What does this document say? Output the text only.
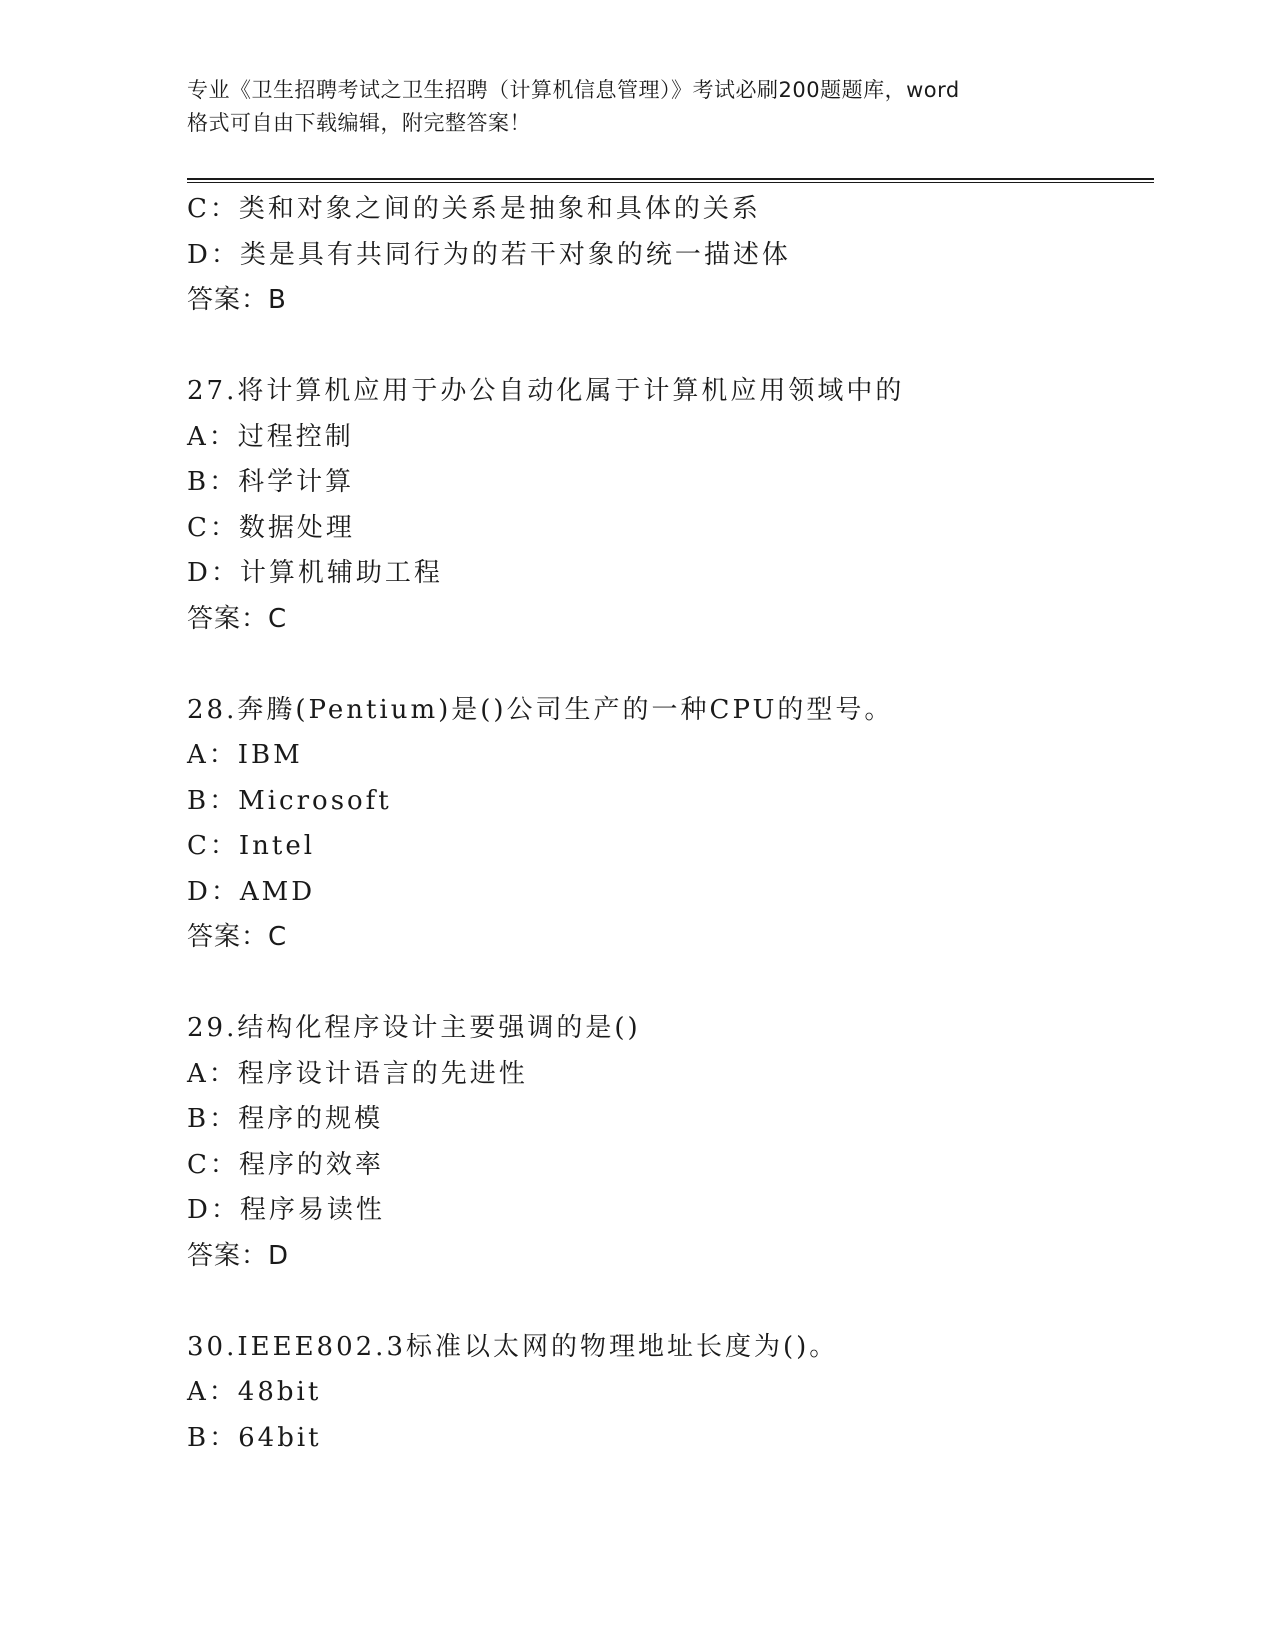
专业《卫生招聘考试之卫生招聘（计算机信息管理）》考试必刷200题题库，word
格式可自由下载编辑，附完整答案！
C：类和对象之间的关系是抽象和具体的关系
D：类是具有共同行为的若干对象的统一描述体
答案：B
27.将计算机应用于办公自动化属于计算机应用领域中的
A：过程控制
B：科学计算
C：数据处理
D：计算机辅助工程
答案：C
28.奔腾(Pentium)是()公司生产的一种CPU的型号。
A：IBM
B：Microsoft
C：Intel
D：AMD
答案：C
29.结构化程序设计主要强调的是()
A：程序设计语言的先进性
B：程序的规模
C：程序的效率
D：程序易读性
答案：D
30.IEEE802.3标准以太网的物理地址长度为()。
A：48bit
B：64bit
